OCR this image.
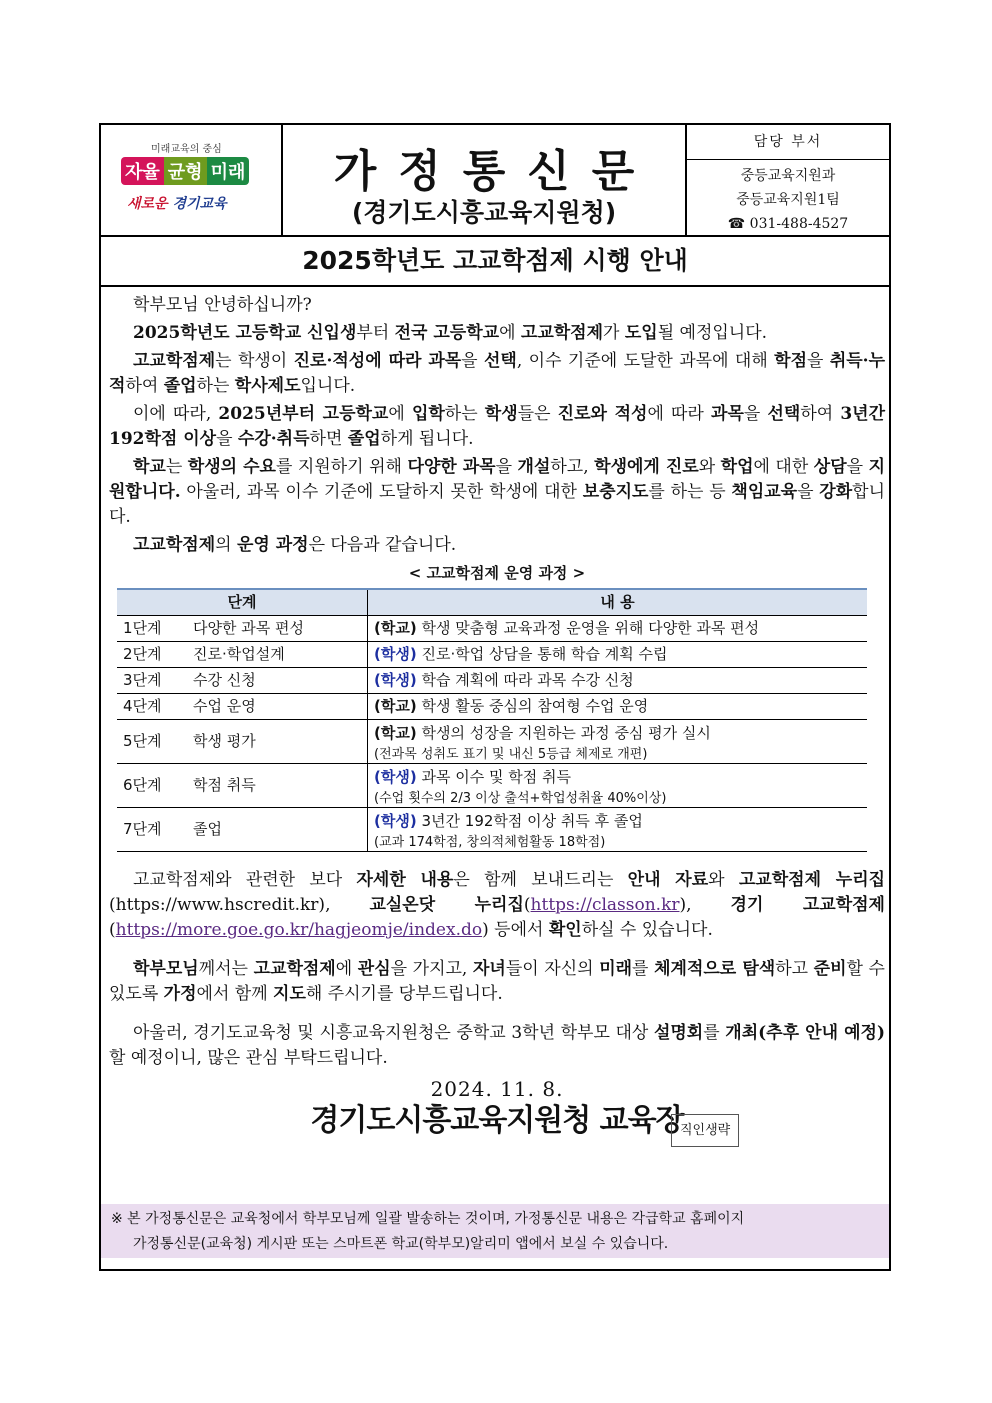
미래교육의 중심
자율 균형 미래
새로운 경기교육
가정통신문
(경기도시흥교육지원청)
담당 부서
중등교육지원과
중등교육지원1팀
☎ 031-488-4527
2025학년도 고교학점제 시행 안내

학부모님 안녕하십니까?

2025학년도 고등학교 신입생부터 전국 고등학교에 고교학점제가 도입될 예정입니다.

고교학점제는 학생이 진로·적성에 따라 과목을 선택, 이수 기준에 도달한 과목에 대해 학점을 취득·누적하여 졸업하는 학사제도입니다.

이에 따라, 2025년부터 고등학교에 입학하는 학생들은 진로와 적성에 따라 과목을 선택하여 3년간 192학점 이상을 수강·취득하면 졸업하게 됩니다.

학교는 학생의 수요를 지원하기 위해 다양한 과목을 개설하고, 학생에게 진로와 학업에 대한 상담을 지원합니다. 아울러, 과목 이수 기준에 도달하지 못한 학생에 대한 보충지도를 하는 등 책임교육을 강화합니다.

고교학점제의 운영 과정은 다음과 같습니다.

< 고교학점제 운영 과정 >
단계	내 용
1단계 다양한 과목 편성	(학교) 학생 맞춤형 교육과정 운영을 위해 다양한 과목 편성
2단계 진로·학업설계	(학생) 진로·학업 상담을 통해 학습 계획 수립
3단계 수강 신청	(학생) 학습 계획에 따라 과목 수강 신청
4단계 수업 운영	(학교) 학생 활동 중심의 참여형 수업 운영
5단계 학생 평가	(학교) 학생의 성장을 지원하는 과정 중심 평가 실시
(전과목 성취도 표기 및 내신 5등급 체제로 개편)

6단계 학점 취득	(학생) 과목 이수 및 학점 취득
(수업 횟수의 2/3 이상 출석+학업성취율 40%이상)

7단계 졸업	(학생) 3년간 192학점 이상 취득 후 졸업
(교과 174학점, 창의적체험활동 18학점)

고교학점제와 관련한 보다 자세한 내용은 함께 보내드리는 안내 자료와 고교학점제 누리집(https://www.hscredit.kr), 교실온닷 누리집(https://classon.kr), 경기 고교학점제(https://more.goe.go.kr/hagjeomje/index.do) 등에서 확인하실 수 있습니다.

학부모님께서는 고교학점제에 관심을 가지고, 자녀들이 자신의 미래를 체계적으로 탐색하고 준비할 수 있도록 가정에서 함께 지도해 주시기를 당부드립니다.

아울러, 경기도교육청 및 시흥교육지원청은 중학교 3학년 학부모 대상 설명회를 개최(추후 안내 예정)할 예정이니, 많은 관심 부탁드립니다.

2024. 11. 8.
경기도시흥교육지원청 교육장
직인생략
※ 본 가정통신문은 교육청에서 학부모님께 일괄 발송하는 것이며, 가정통신문 내용은 각급학교 홈페이지
가정통신문(교육청) 게시판 또는 스마트폰 학교(학부모)알리미 앱에서 보실 수 있습니다.
